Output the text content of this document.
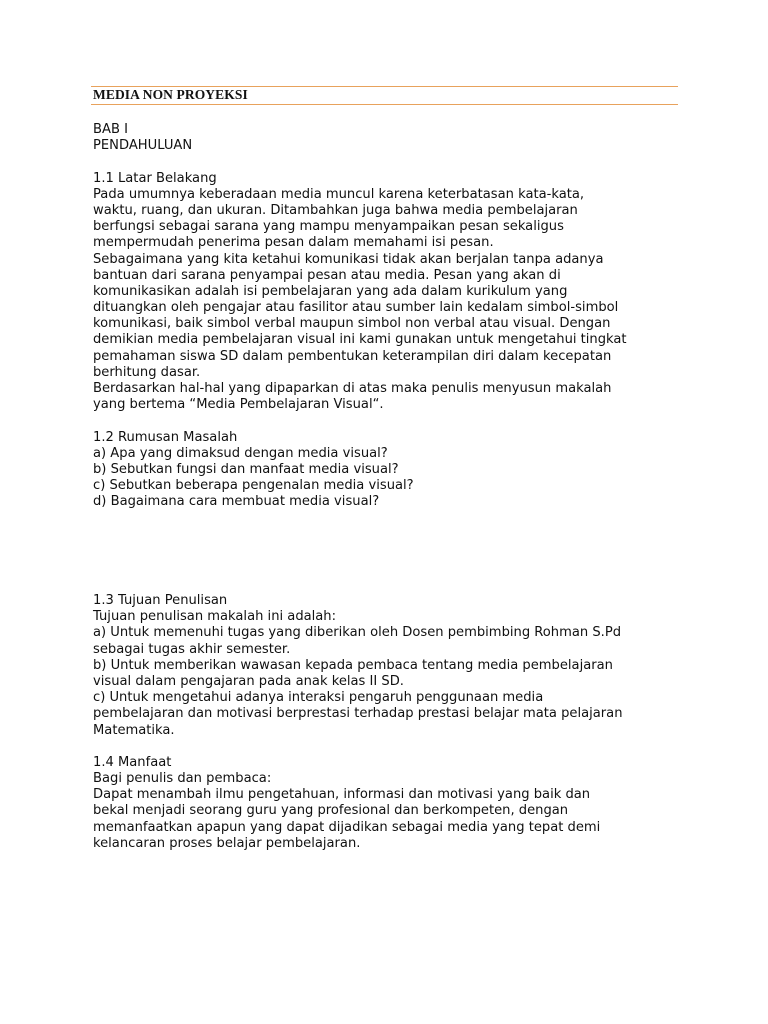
MEDIA NON PROYEKSI
BAB I
PENDAHULUAN
1.1 Latar Belakang
Pada umumnya keberadaan media muncul karena keterbatasan kata-kata,
waktu, ruang, dan ukuran. Ditambahkan juga bahwa media pembelajaran
berfungsi sebagai sarana yang mampu menyampaikan pesan sekaligus
mempermudah penerima pesan dalam memahami isi pesan.
Sebagaimana yang kita ketahui komunikasi tidak akan berjalan tanpa adanya
bantuan dari sarana penyampai pesan atau media. Pesan yang akan di
komunikasikan adalah isi pembelajaran yang ada dalam kurikulum yang
dituangkan oleh pengajar atau fasilitor atau sumber lain kedalam simbol-simbol
komunikasi, baik simbol verbal maupun simbol non verbal atau visual. Dengan
demikian media pembelajaran visual ini kami gunakan untuk mengetahui tingkat
pemahaman siswa SD dalam pembentukan keterampilan diri dalam kecepatan
berhitung dasar.
Berdasarkan hal-hal yang dipaparkan di atas maka penulis menyusun makalah
yang bertema “Media Pembelajaran Visual“.
1.2 Rumusan Masalah
a) Apa yang dimaksud dengan media visual?
b) Sebutkan fungsi dan manfaat media visual?
c) Sebutkan beberapa pengenalan media visual?
d) Bagaimana cara membuat media visual?
1.3 Tujuan Penulisan
Tujuan penulisan makalah ini adalah:
a) Untuk memenuhi tugas yang diberikan oleh Dosen pembimbing Rohman S.Pd
sebagai tugas akhir semester.
b) Untuk memberikan wawasan kepada pembaca tentang media pembelajaran
visual dalam pengajaran pada anak kelas II SD.
c) Untuk mengetahui adanya interaksi pengaruh penggunaan media
pembelajaran dan motivasi berprestasi terhadap prestasi belajar mata pelajaran
Matematika.
1.4 Manfaat
Bagi penulis dan pembaca:
Dapat menambah ilmu pengetahuan, informasi dan motivasi yang baik dan
bekal menjadi seorang guru yang profesional dan berkompeten, dengan
memanfaatkan apapun yang dapat dijadikan sebagai media yang tepat demi
kelancaran proses belajar pembelajaran.
